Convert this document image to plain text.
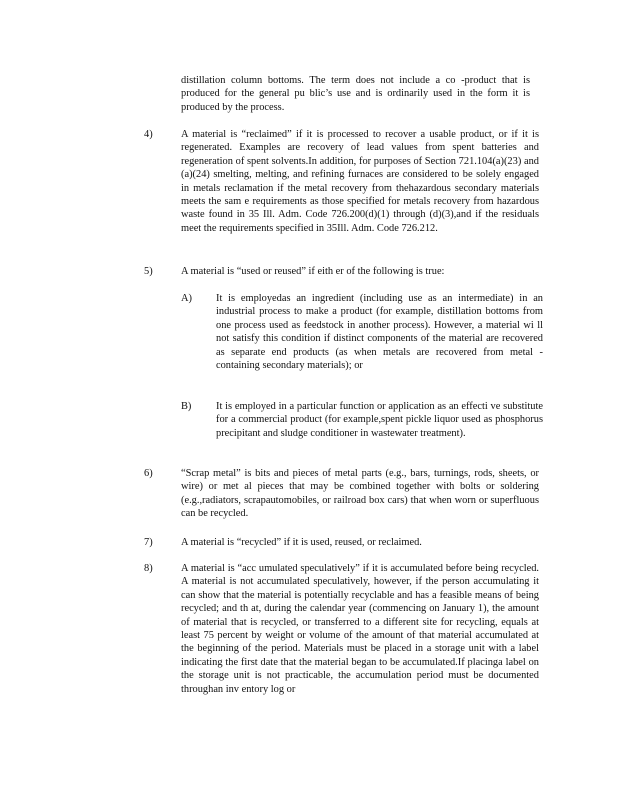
distillation column bottoms. The term does not include a co -product that is produced for the general pu blic’s use and is ordinarily used in the form it is produced by the process.

4)	A material is “reclaimed” if it is processed to recover a usable product, or if it is regenerated. Examples are recovery of lead values from spent batteries and regeneration of spent solvents.In addition, for purposes of Section 721.104(a)(23) and (a)(24) smelting, melting, and refining furnaces are considered to be solely engaged in metals reclamation if the metal recovery from thehazardous secondary materials meets the sam e requirements as those specified for metals recovery from hazardous waste found in 35 Ill. Adm. Code 726.200(d)(1) through (d)(3),and if the residuals meet the requirements specified in 35Ill. Adm. Code 726.212.

5)	A material is “used or reused” if eith er of the following is true:

A) It is employedas an ingredient (including use as an intermediate) in an industrial process to make a product (for example, distillation bottoms from one process used as feedstock in another process). However, a material wi ll not satisfy this condition if distinct components of the material are recovered as separate end products (as when metals are recovered from metal - containing secondary materials); or

B) It is employed in a particular function or application as an effecti ve substitute for a commercial product (for example,spent pickle liquor used as phosphorus precipitant and sludge conditioner in wastewater treatment).

6)	“Scrap metal” is bits and pieces of metal parts (e.g., bars, turnings, rods, sheets, or wire) or met al pieces that may be combined together with bolts or soldering (e.g.,radiators, scrapautomobiles, or railroad box cars) that when worn or superfluous can be recycled.

7)	A material is “recycled” if it is used, reused, or reclaimed.

8)	A material is “acc umulated speculatively” if it is accumulated before being recycled. A material is not accumulated speculatively, however, if the person accumulating it can show that the material is potentially recyclable and has a feasible means of being recycled; and th at, during the calendar year (commencing on January 1), the amount of material that is recycled, or transferred to a different site for recycling, equals at least 75 percent by weight or volume of the amount of that material accumulated at the beginning of the period. Materials must be placed in a storage unit with a label indicating the first date that the material began to be accumulated.If placinga label on the storage unit is not practicable, the accumulation period must be documented throughan inv entory log or
